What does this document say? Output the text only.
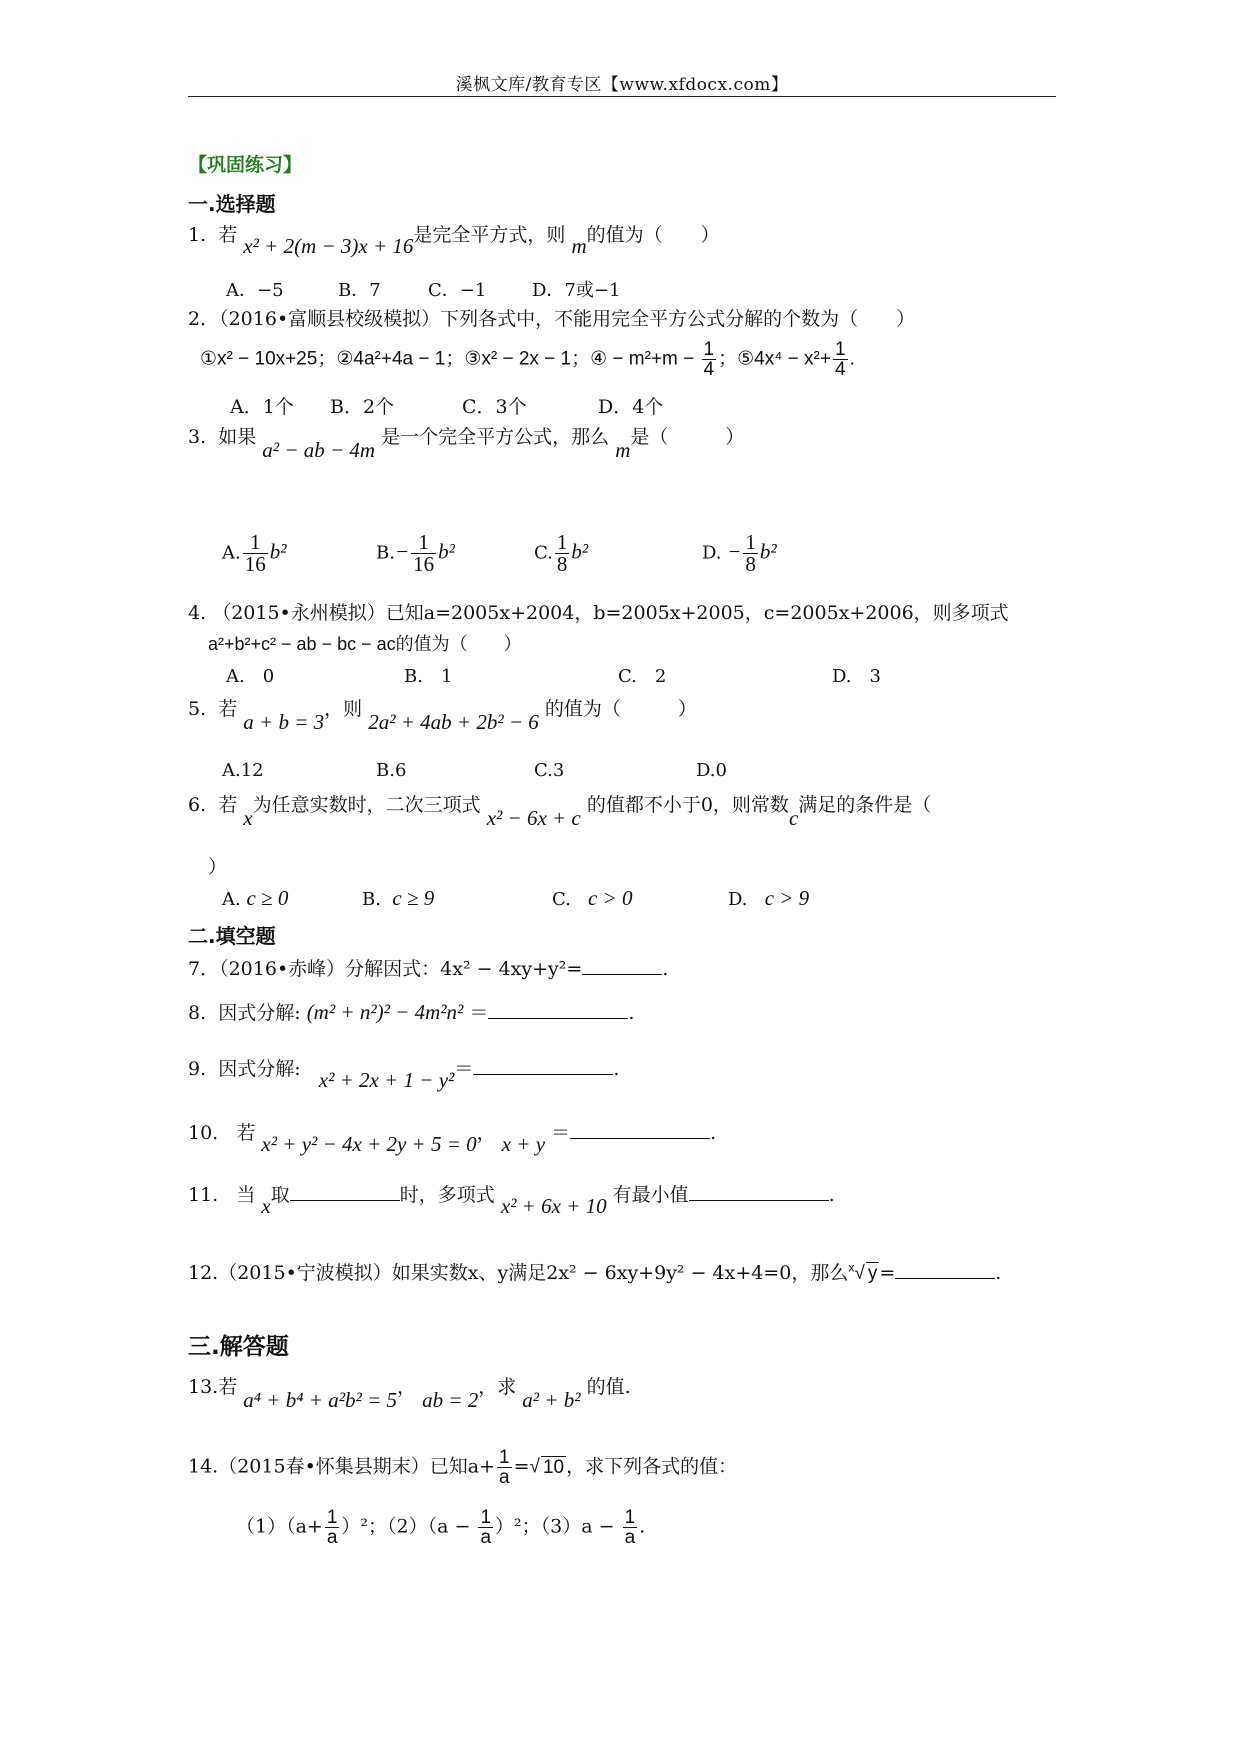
溪枫文库/教育专区【www.xfdocx.com】
【巩固练习】
一.选择题
1. 若 x² + 2(m − 3)x + 16是完全平方式，则 m的值为（　　）
A．−5	B．7	C．−1	D．7或−1
2．（2016•富顺县校级模拟）下列各式中，不能用完全平方公式分解的个数为（　　）
①x² − 10x+25；②4a²+4a − 1；③x² − 2x − 1；④ − $m^2+m - \frac{1}{4}$ ；⑤4x⁴ − $x^2+ \frac{1}{4}$ .
A．1个 B．2个	C．3个	D．4个
3. 如果 a² − ab − 4m 是一个完全平方公式，那么 m是（　　　）
A. $\frac{1}{16} b^2$	$B.- \frac{1}{16} b^2$	C. $\frac{1}{8} b^2$	D. − $\frac{1}{8} b^2$
4. （2015•永州模拟）已知a=2005x+2004，b=2005x+2005，c=2005x+2006，则多项式
a²+b²+c² − ab − bc − ac的值为（　　）
A.　0	B.　1	C.　2	D.　3
5. 若 a + b = 3，则 2a² + 4ab + 2b² − 6 的值为（　　　）
A.12	B.6	C.3	D.0
6. 若 x为任意实数时，二次三项式 x² − 6x + c 的值都不小于0，则常数c满足的条件是（
）
A. c ≥ 0	B. c ≥ 9	C. c > 0	D. c > 9
二.填空题
7．（2016•赤峰）分解因式：4x² − 4xy+y²=	.
8. 因式分解: (m² + n²)² − 4m²n² ＝	.
9. 因式分解: x² + 2x + 1 − y²＝	.
10. 若 x² + y² − 4x + 2y + 5 = 0， x + y ＝	.
11. 当 x取	时，多项式 x² + 6x + 10 有最小值	.
12.（2015•宁波模拟）如果实数x、y满足2x² − 6xy+9y² − 4x+4=0，那么$^x$√ y =	.
三.解答题
13.若 a⁴ + b⁴ + a²b² = 5， ab = 2，求 a² + b² 的值.
14.（2015春•怀集县期末）已知$a+ \frac{1}{a}$ =√ 10 ，求下列各式的值：
$(1)(a+ \frac{1}{a} )^2$；$(2)(a - \frac{1}{a} )^2$；$(3)a - \frac{1}{a}$ .
